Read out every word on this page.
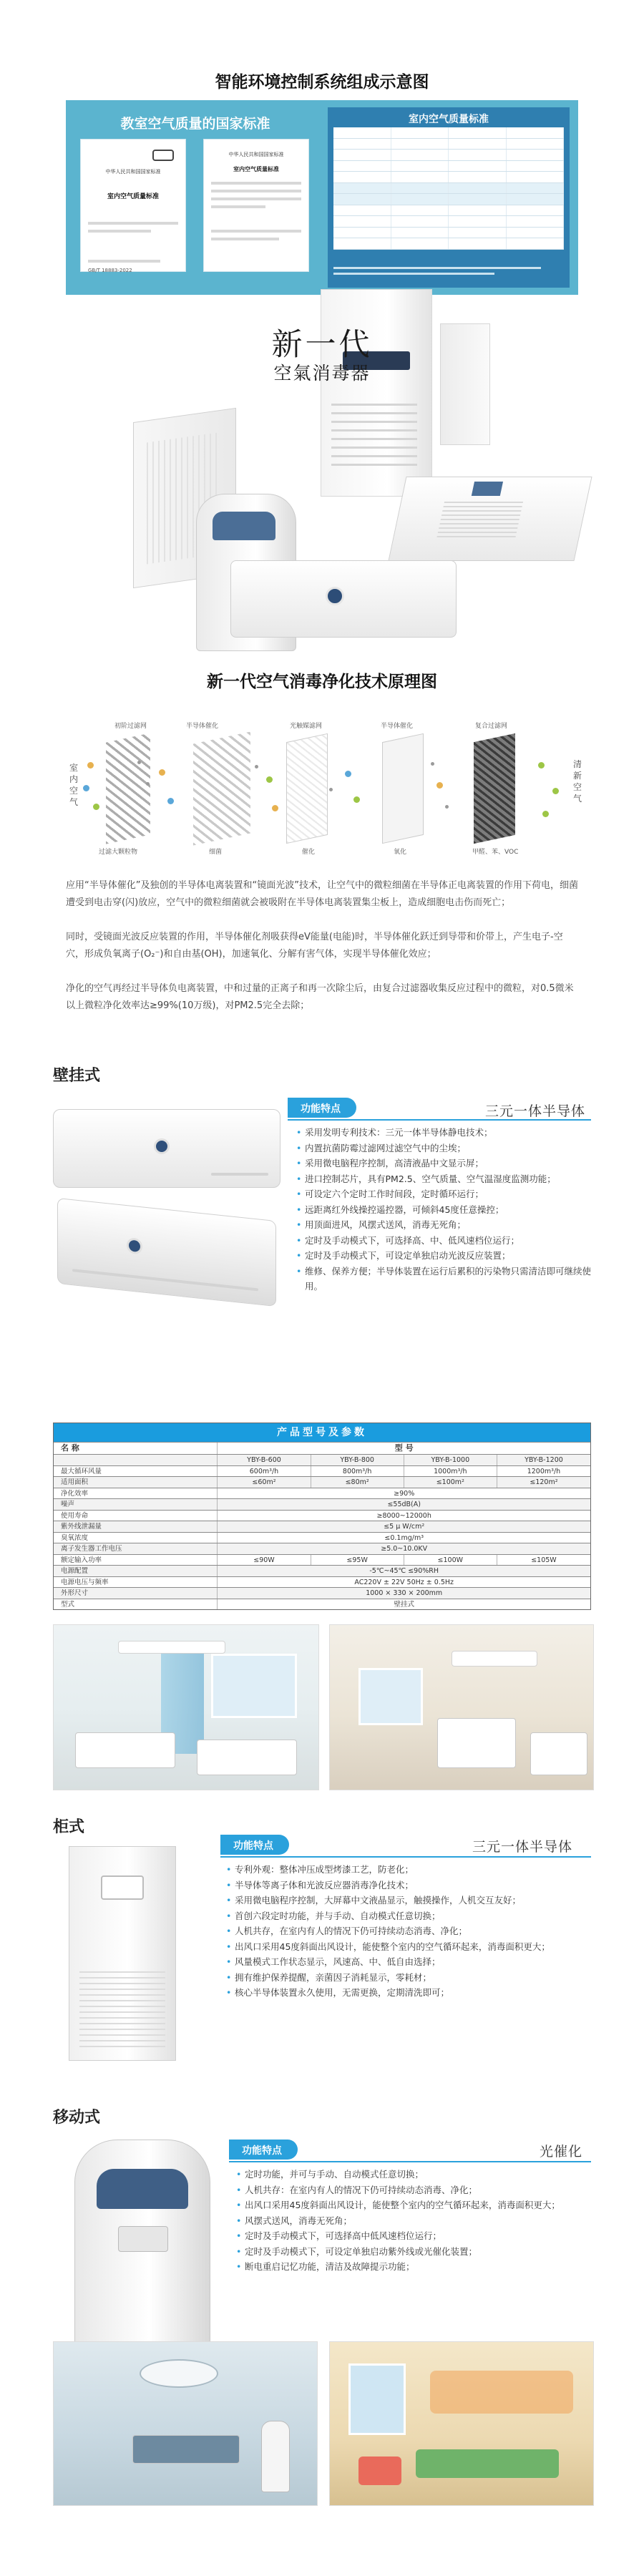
智能环境控制系统组成示意图
教室空气质量的国家标准
中华人民共和国国家标准
室内空气质量标准
GB/T 18883-2022
中华人民共和国国家标准
室内空气质量标准
室内空气质量标准
新一代
空氣消毒器
新一代空气消毒净化技术原理图
室内空气
清新空气
初阶过滤网	半导体催化	光触媒滤网	半导体催化	复合过滤网
过滤大颗粒物	细菌	催化	氧化	甲醛、苯、VOC
应用“半导体催化”及独创的半导体电离装置和“镜面光波”技术，让空气中的微粒细菌在半导体正电离装置的作用下荷电，细菌遭受到电击穿(闪)放应，空气中的微粒细菌就会被吸附在半导体电离装置集尘板上，造成细胞电击伤而死亡；
同时，受镜面光波反应装置的作用，半导体催化剂吸获得eV能量(电能)时，半导体催化跃迁到导带和价带上，产生电子-空穴，形成负氧离子(O₂⁻)和自由基(OH)，加速氧化、分解有害气体，实现半导体催化效应；
净化的空气再经过半导体负电离装置，中和过量的正离子和再一次除尘后，由复合过滤器收集反应过程中的微粒，对0.5微米以上微粒净化效率达≥99%(10万级)，对PM2.5完全去除；
壁挂式
功能特点	三元一体半导体
• 采用发明专利技术：三元一体半导体静电技术；
• 内置抗菌防霉过滤网过滤空气中的尘埃；
• 采用微电脑程序控制，高清液晶中文显示屏；
• 进口控制芯片，具有PM2.5、空气质量、空气温湿度监测功能；
• 可设定六个定时工作时间段，定时循环运行；
• 远距离红外线操控遥控器，可倾斜45度任意操控；
• 用顶面进风，风摆式送风，消毒无死角；
• 定时及手动模式下，可选择高、中、低风速档位运行；
• 定时及手动模式下，可设定单独启动光波反应装置；
• 维修、保养方便；半导体装置在运行后累积的污染物只需清洁即可继续使用。
产品型号及参数
名 称	型 号
YBY-B-600	YBY-B-800	YBY-B-1000	YBY-B-1200
最大循环风量	600m³/h	800m³/h	1000m³/h	1200m³/h
适用面积	≤60m²	≤80m²	≤100m²	≤120m²
净化效率	≥90%
噪声	≤55dB(A)
使用寿命	≥8000~12000h
紫外线泄漏量	≤5 μ W/cm²
臭氧浓度	≤0.1mg/m³
离子发生器工作电压	≥5.0~10.0KV
额定输入功率	≤90W	≤95W	≤100W	≤105W
电源配置	-5℃~45℃ ≤90%RH
电源电压与频率	AC220V ± 22V 50Hz ± 0.5Hz
外形尺寸	1000 × 330 × 200mm
型式	壁挂式
柜式
功能特点	三元一体半导体
• 专利外观：整体冲压成型烤漆工艺，防老化；
• 半导体等离子体和光波反应器消毒净化技术；
• 采用微电脑程序控制，大屏幕中文液晶显示，触摸操作，人机交互友好；
• 首创六段定时功能，并与手动、自动模式任意切换；
• 人机共存，在室内有人的情况下仍可持续动态消毒、净化；
• 出风口采用45度斜面出风设计，能使整个室内的空气循环起来，消毒面积更大；
• 风量模式工作状态显示，风速高、中、低自由选择；
• 拥有维护保养提醒，亲菌因子消耗显示，零耗材；
• 核心半导体装置永久使用，无需更换，定期清洗即可；
移动式
功能特点	光催化
• 定时功能，并可与手动、自动模式任意切换；
• 人机共存：在室内有人的情况下仍可持续动态消毒、净化；
• 出风口采用45度斜面出风设计，能使整个室内的空气循环起来，消毒面积更大；
• 风摆式送风，消毒无死角；
• 定时及手动模式下，可选择高中低风速档位运行；
• 定时及手动模式下，可设定单独启动紫外线或光催化装置；
• 断电重启记忆功能，清洁及故障提示功能；
